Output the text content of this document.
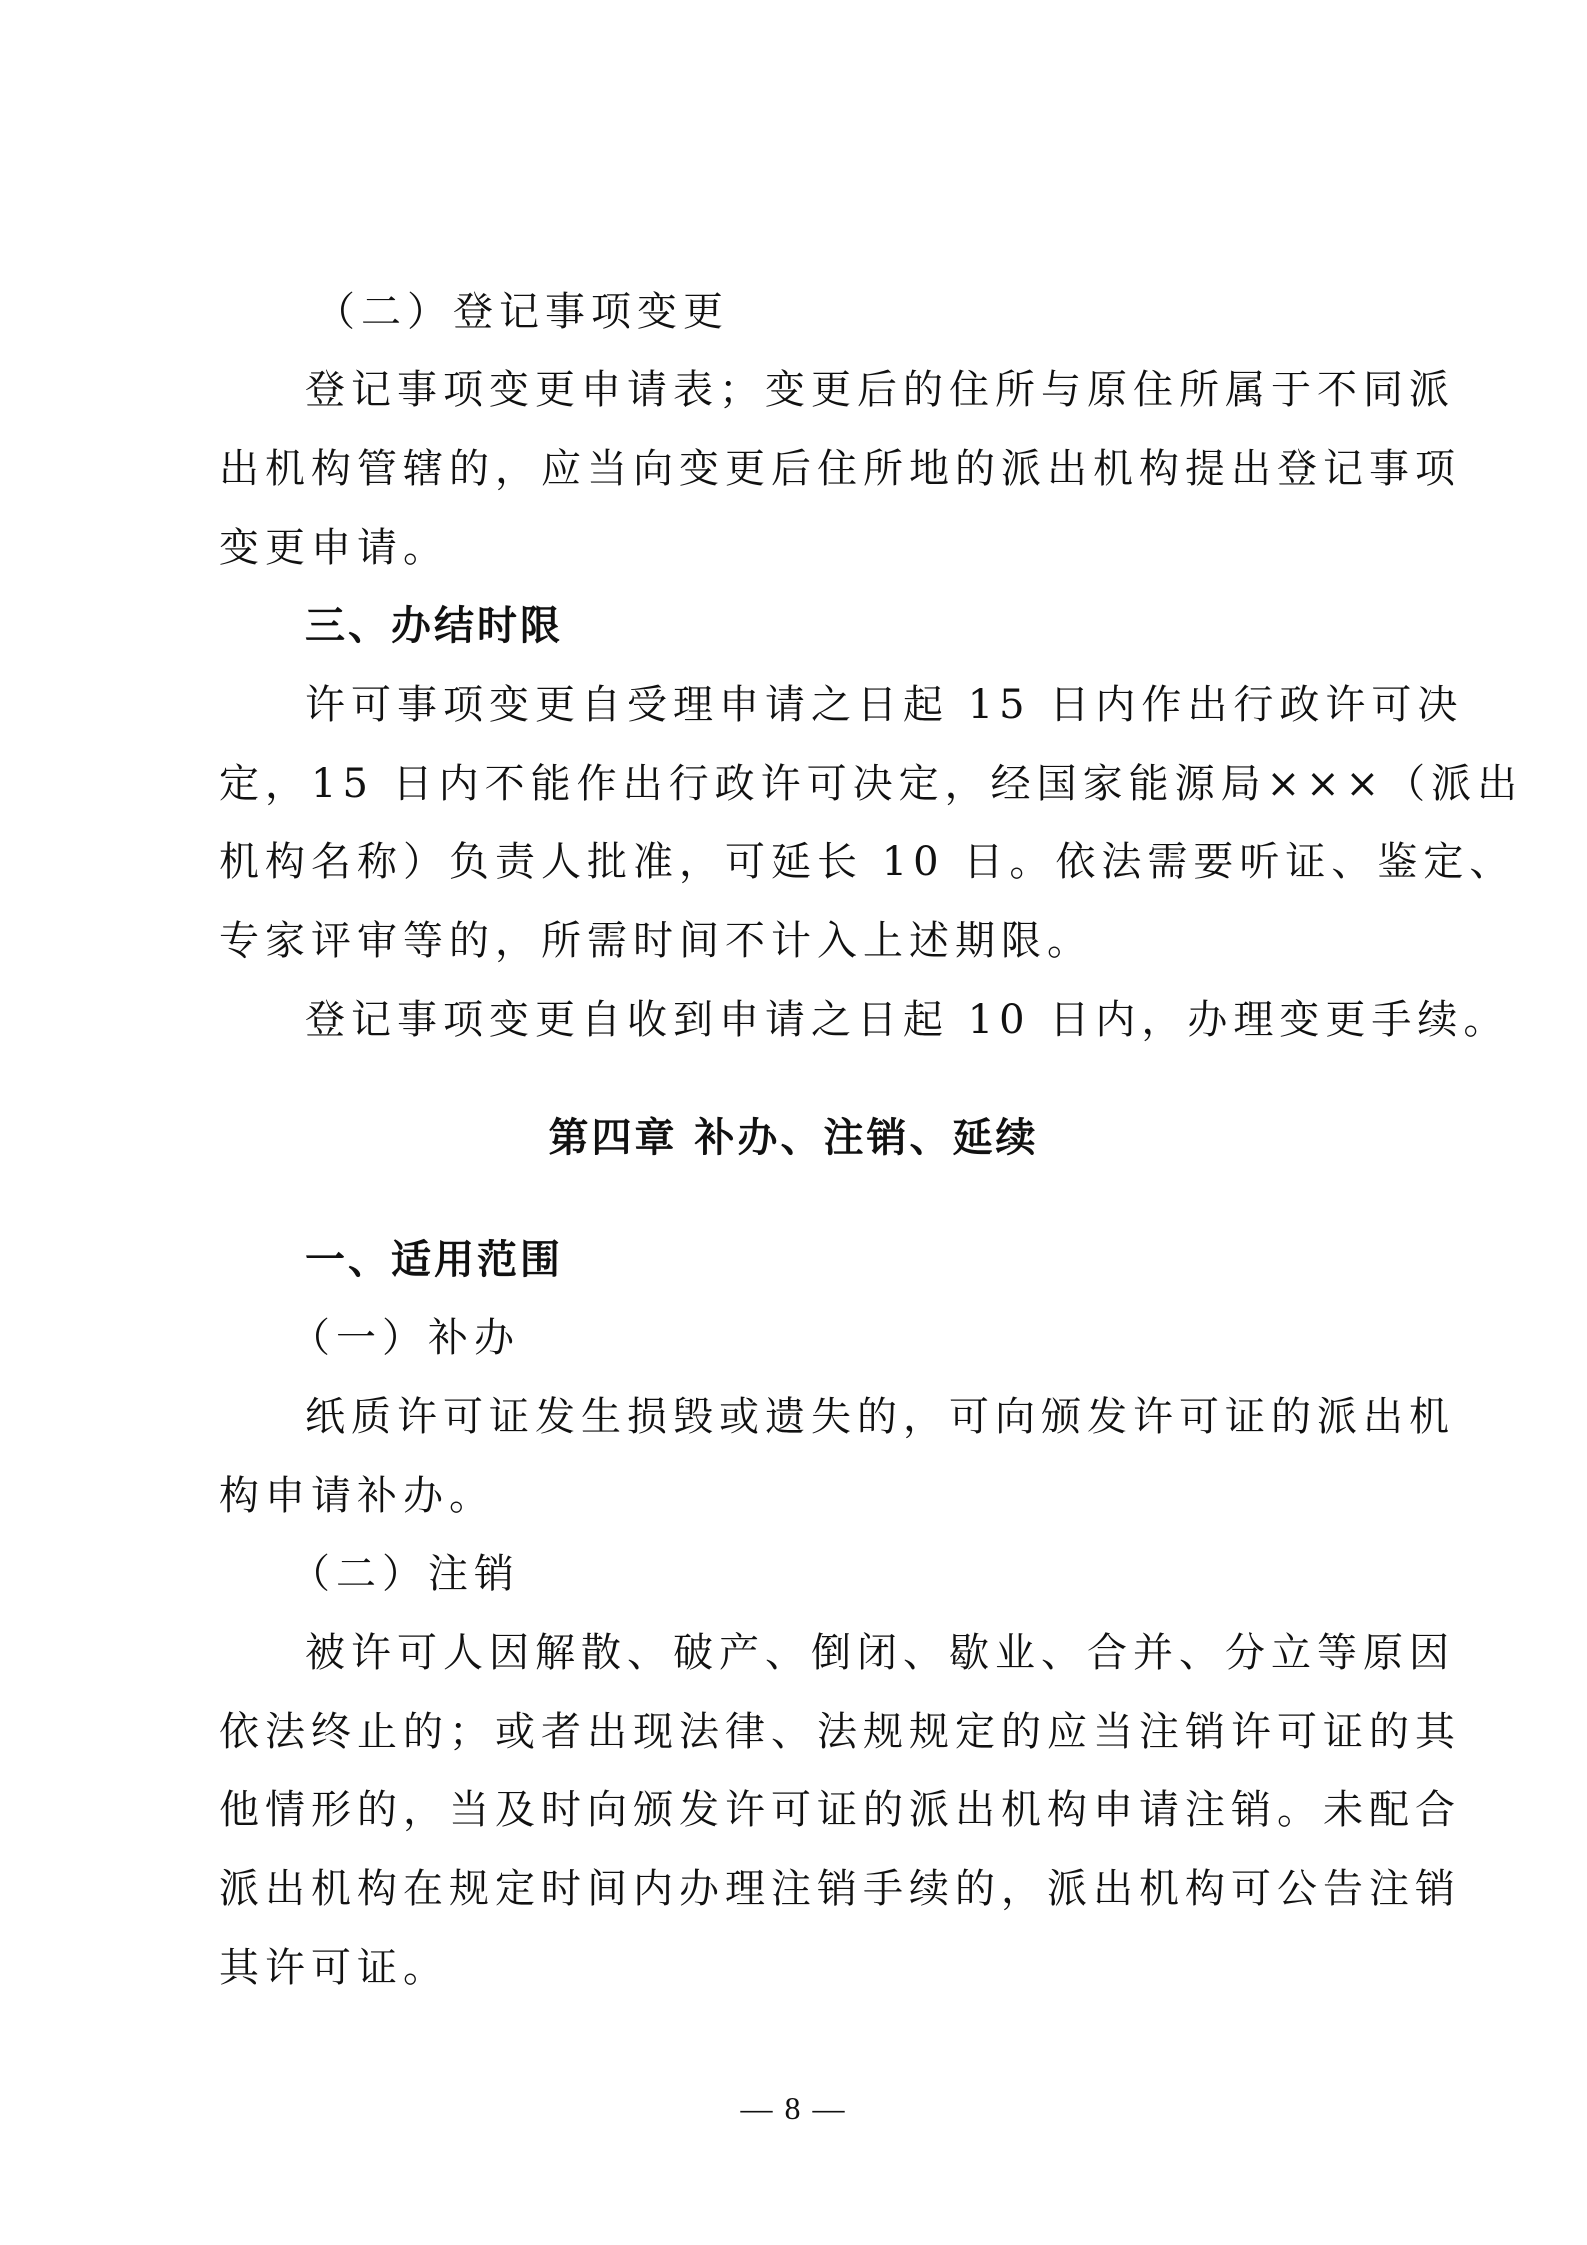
（二）登记事项变更
登记事项变更申请表；变更后的住所与原住所属于不同派
出机构管辖的，应当向变更后住所地的派出机构提出登记事项
变更申请。
三、办结时限
许可事项变更自受理申请之日起 15 日内作出行政许可决
定，15 日内不能作出行政许可决定，经国家能源局×××（派出
机构名称）负责人批准，可延长 10 日。依法需要听证、鉴定、
专家评审等的，所需时间不计入上述期限。
登记事项变更自收到申请之日起 10 日内，办理变更手续。
第四章 补办、注销、延续
一、适用范围
（一）补办
纸质许可证发生损毁或遗失的，可向颁发许可证的派出机
构申请补办。
（二）注销
被许可人因解散、破产、倒闭、歇业、合并、分立等原因
依法终止的；或者出现法律、法规规定的应当注销许可证的其
他情形的，当及时向颁发许可证的派出机构申请注销。未配合
派出机构在规定时间内办理注销手续的，派出机构可公告注销
其许可证。
— 8 —
